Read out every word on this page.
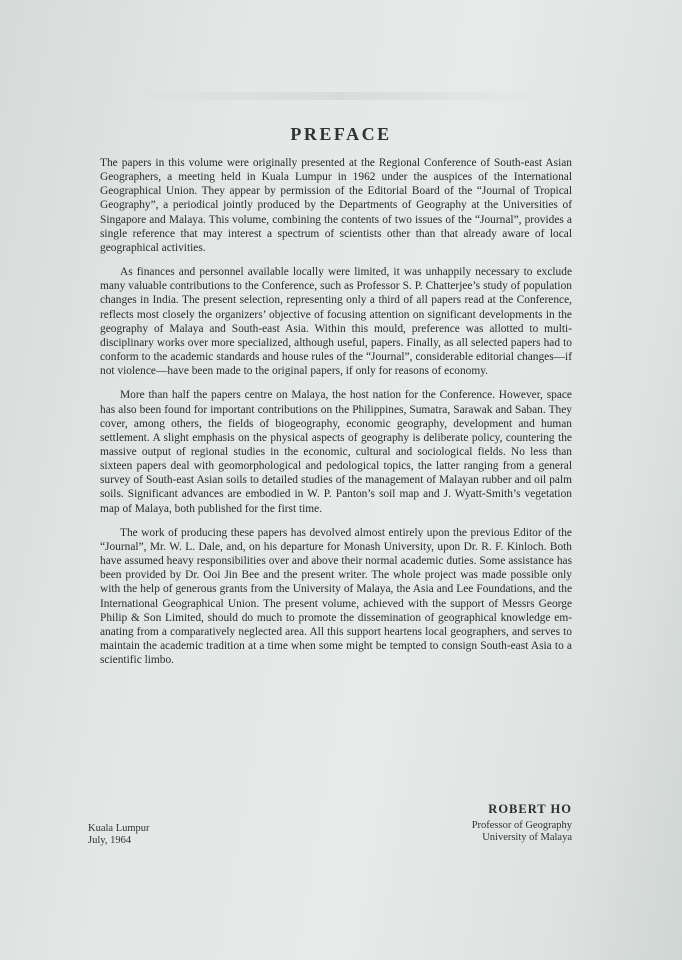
PREFACE

The papers in this volume were originally presented at the Regional Conference of South-east Asian Geographers, a meeting held in Kuala Lumpur in 1962 under the auspices of the International Geographical Union. They appear by permission of the Editorial Board of the “Journal of Tropical Geography”, a periodical jointly produced by the Departments of Geography at the Universities of Singapore and Malaya. This volume, combining the contents of two issues of the “Journal”, provides a single reference that may interest a spectrum of scientists other than that already aware of local geographical activities.

As finances and personnel available locally were limited, it was unhappily necessary to exclude many valuable contributions to the Conference, such as Professor S. P. Chatterjee’s study of population changes in India. The present selection, representing only a third of all papers read at the Conference, reflects most closely the organizers’ objective of focusing attention on significant developments in the geography of Malaya and South-east Asia. Within this mould, preference was allotted to multi-disciplinary works over more specialized, although useful, papers. Finally, as all selected papers had to conform to the academic standards and house rules of the “Journal”, considerable editorial changes—if not violence—have been made to the original papers, if only for reasons of economy.

More than half the papers centre on Malaya, the host nation for the Conference. However, space has also been found for important contributions on the Philippines, Sumatra, Sarawak and Saban. They cover, among others, the fields of biogeography, economic geography, development and human settlement. A slight emphasis on the physical aspects of geography is deliberate policy, countering the massive output of regional studies in the economic, cultural and sociological fields. No less than sixteen papers deal with geomorphological and pedological topics, the latter ranging from a general survey of South-east Asian soils to detailed studies of the management of Malayan rubber and oil palm soils. Significant advances are embodied in W. P. Panton’s soil map and J. Wyatt-Smith’s vegetation map of Malaya, both published for the first time.

The work of producing these papers has devolved almost entirely upon the previous Editor of the “Journal”, Mr. W. L. Dale, and, on his departure for Monash University, upon Dr. R. F. Kinloch. Both have assumed heavy responsibilities over and above their normal academic duties. Some assistance has been provided by Dr. Ooi Jin Bee and the present writer. The whole project was made possible only with the help of generous grants from the University of Malaya, the Asia and Lee Foundations, and the International Geographical Union. The present volume, achieved with the support of Messrs George Philip & Son Limited, should do much to promote the dissemination of geographical knowledge emanating from a comparatively neglected area. All this support heartens local geographers, and serves to maintain the academic tradition at a time when some might be tempted to consign South-east Asia to a scientific limbo.

ROBERT HO
Professor of Geography
University of Malaya
Kuala Lumpur
July, 1964
